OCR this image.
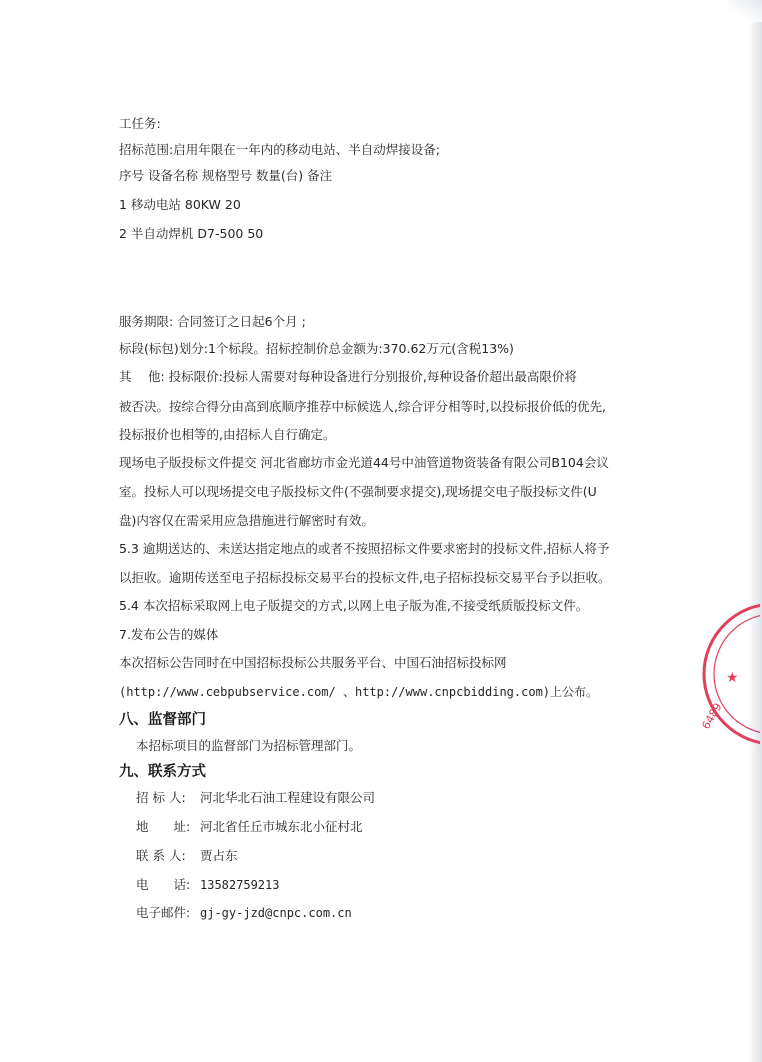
工任务:

招标范围:启用年限在一年内的移动电站、半自动焊接设备;

序号 设备名称 规格型号 数量(台) 备注

1 移动电站 80KW 20

2 半自动焊机 D7-500 50

服务期限: 合同签订之日起6个月 ;

标段(标包)划分:1个标段。招标控制价总金额为:370.62万元(含税13%)

其　 他: 投标限价:投标人需要对每种设备进行分别报价,每种设备价超出最高限价将

被否决。按综合得分由高到底顺序推荐中标候选人,综合评分相等时,以投标报价低的优先,

投标报价也相等的,由招标人自行确定。

现场电子版投标文件提交 河北省廊坊市金光道44号中油管道物资装备有限公司B104会议

室。投标人可以现场提交电子版投标文件(不强制要求提交),现场提交电子版投标文件(U

盘)内容仅在需采用应急措施进行解密时有效。

5.3 逾期送达的、未送达指定地点的或者不按照招标文件要求密封的投标文件,招标人将予

以拒收。逾期传送至电子招标投标交易平台的投标文件,电子招标投标交易平台予以拒收。

5.4 本次招标采取网上电子版提交的方式,以网上电子版为准,不接受纸质版投标文件。

7.发布公告的媒体

本次招标公告同时在中国招标投标公共服务平台、中国石油招标投标网

(http://www.cebpubservice.com/ 、http://www.cnpcbidding.com)上公布。

八、监督部门

本招标项目的监督部门为招标管理部门。

九、联系方式

招 标 人: 河北华北石油工程建设有限公司

地　　址: 河北省任丘市城东北小征村北

联 系 人: 贾占东

电　　话: 13582759213

电子邮件: gj-gy-jzd@cnpc.com.cn

6489
★
